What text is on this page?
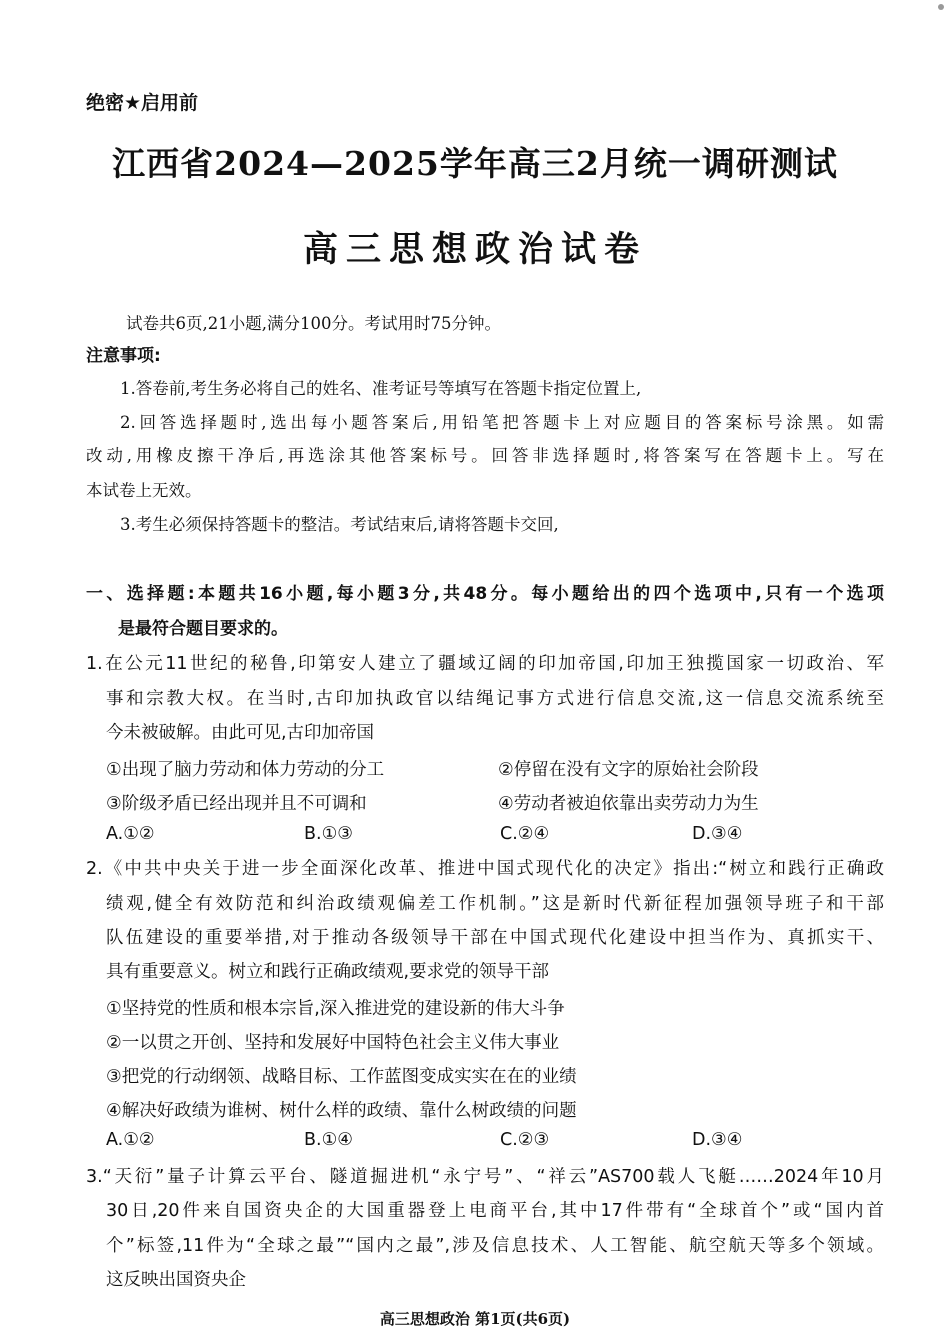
绝密★启用前
江西省2024—2025学年高三2月统一调研测试
高三思想政治试卷
试卷共6页,21小题,满分100分。考试用时75分钟。
注意事项:
1.答卷前,考生务必将自己的姓名、准考证号等填写在答题卡指定位置上,
2.回答选择题时,选出每小题答案后,用铅笔把答题卡上对应题目的答案标号涂黑。如需
改动,用橡皮擦干净后,再选涂其他答案标号。回答非选择题时,将答案写在答题卡上。写在
本试卷上无效。
3.考生必须保持答题卡的整洁。考试结束后,请将答题卡交回,
一、选择题:本题共16小题,每小题3分,共48分。每小题给出的四个选项中,只有一个选项
是最符合题目要求的。
1.在公元11世纪的秘鲁,印第安人建立了疆域辽阔的印加帝国,印加王独揽国家一切政治、军
事和宗教大权。在当时,古印加执政官以结绳记事方式进行信息交流,这一信息交流系统至
今未被破解。由此可见,古印加帝国
①出现了脑力劳动和体力劳动的分工	②停留在没有文字的原始社会阶段
③阶级矛盾已经出现并且不可调和	④劳动者被迫依靠出卖劳动力为生
A.①②	B.①③	C.②④	D.③④
2.《中共中央关于进一步全面深化改革、推进中国式现代化的决定》指出:“树立和践行正确政
绩观,健全有效防范和纠治政绩观偏差工作机制。”这是新时代新征程加强领导班子和干部
队伍建设的重要举措,对于推动各级领导干部在中国式现代化建设中担当作为、真抓实干、
具有重要意义。树立和践行正确政绩观,要求党的领导干部
①坚持党的性质和根本宗旨,深入推进党的建设新的伟大斗争
②一以贯之开创、坚持和发展好中国特色社会主义伟大事业
③把党的行动纲领、战略目标、工作蓝图变成实实在在的业绩
④解决好政绩为谁树、树什么样的政绩、靠什么树政绩的问题
A.①②	B.①④	C.②③	D.③④
3.“天衍”量子计算云平台、隧道掘进机“永宁号”、“祥云”AS700载人飞艇……2024年10月
30日,20件来自国资央企的大国重器登上电商平台,其中17件带有“全球首个”或“国内首
个”标签,11件为“全球之最”“国内之最”,涉及信息技术、人工智能、航空航天等多个领域。
这反映出国资央企
高三思想政治 第1页(共6页)
